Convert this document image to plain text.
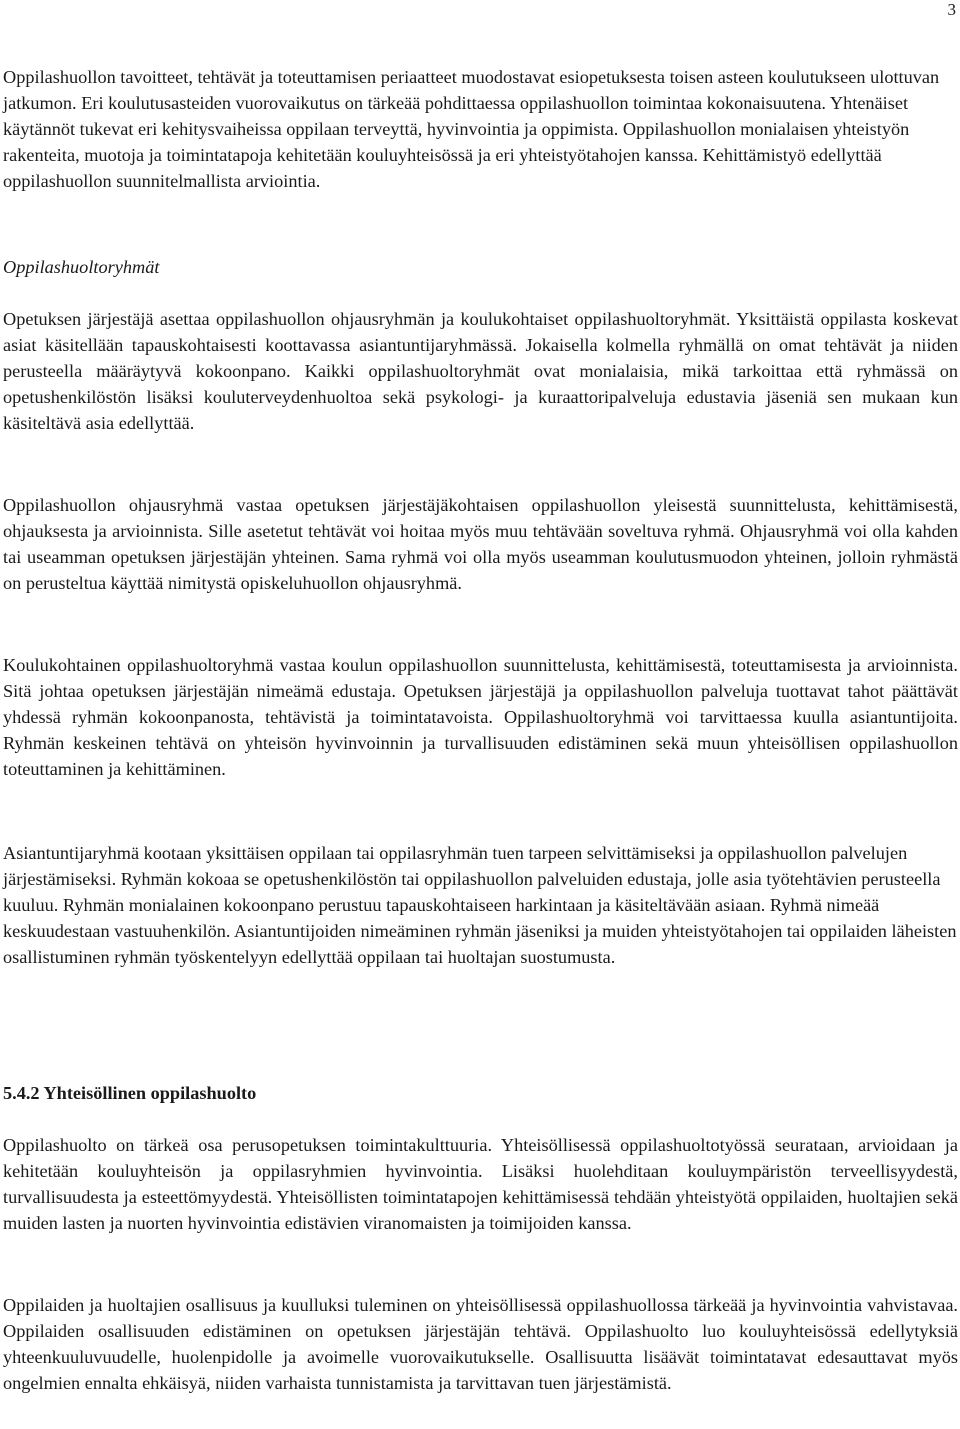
3

Oppilashuollon tavoitteet, tehtävät ja toteuttamisen periaatteet muodostavat esiopetuksesta toisen asteen koulutukseen ulottuvan jatkumon. Eri koulutusasteiden vuorovaikutus on tärkeää pohdittaessa oppilashuollon toimintaa kokonaisuutena. Yhtenäiset käytännöt tukevat eri kehitysvaiheissa oppilaan terveyttä, hyvinvointia ja oppimista. Oppilashuollon monialaisen yhteistyön rakenteita, muotoja ja toimintatapoja kehitetään kouluyhteisössä ja eri yhteistyötahojen kanssa. Kehittämistyö edellyttää oppilashuollon suunnitelmallista arviointia.

Oppilashuoltoryhmät

Opetuksen järjestäjä asettaa oppilashuollon ohjausryhmän ja koulukohtaiset oppilashuoltoryhmät. Yksittäistä oppilasta koskevat asiat käsitellään tapauskohtaisesti koottavassa asiantuntijaryhmässä. Jokaisella kolmella ryhmällä on omat tehtävät ja niiden perusteella määräytyvä kokoonpano. Kaikki oppilashuoltoryhmät ovat monialaisia, mikä tarkoittaa että ryhmässä on opetushenkilöstön lisäksi kouluterveydenhuoltoa sekä psykologi- ja kuraattoripalveluja edustavia jäseniä sen mukaan kun käsiteltävä asia edellyttää.

Oppilashuollon ohjausryhmä vastaa opetuksen järjestäjäkohtaisen oppilashuollon yleisestä suunnittelusta, kehittämisestä, ohjauksesta ja arvioinnista. Sille asetetut tehtävät voi hoitaa myös muu tehtävään soveltuva ryhmä. Ohjausryhmä voi olla kahden tai useamman opetuksen järjestäjän yhteinen. Sama ryhmä voi olla myös useamman koulutusmuodon yhteinen, jolloin ryhmästä on perusteltua käyttää nimitystä opiskeluhuollon ohjausryhmä.

Koulukohtainen oppilashuoltoryhmä vastaa koulun oppilashuollon suunnittelusta, kehittämisestä, toteuttamisesta ja arvioinnista. Sitä johtaa opetuksen järjestäjän nimeämä edustaja. Opetuksen järjestäjä ja oppilashuollon palveluja tuottavat tahot päättävät yhdessä ryhmän kokoonpanosta, tehtävistä ja toimintatavoista. Oppilashuoltoryhmä voi tarvittaessa kuulla asiantuntijoita. Ryhmän keskeinen tehtävä on yhteisön hyvinvoinnin ja turvallisuuden edistäminen sekä muun yhteisöllisen oppilashuollon toteuttaminen ja kehittäminen.

Asiantuntijaryhmä kootaan yksittäisen oppilaan tai oppilasryhmän tuen tarpeen selvittämiseksi ja oppilashuollon palvelujen järjestämiseksi. Ryhmän kokoaa se opetushenkilöstön tai oppilashuollon palveluiden edustaja, jolle asia työtehtävien perusteella kuuluu. Ryhmän monialainen kokoonpano perustuu tapauskohtaiseen harkintaan ja käsiteltävään asiaan. Ryhmä nimeää keskuudestaan vastuuhenkilön. Asiantuntijoiden nimeäminen ryhmän jäseniksi ja muiden yhteistyötahojen tai oppilaiden läheisten osallistuminen ryhmän työskentelyyn edellyttää oppilaan tai huoltajan suostumusta.

5.4.2 Yhteisöllinen oppilashuolto

Oppilashuolto on tärkeä osa perusopetuksen toimintakulttuuria. Yhteisöllisessä oppilashuoltotyössä seurataan, arvioidaan ja kehitetään kouluyhteisön ja oppilasryhmien hyvinvointia. Lisäksi huolehditaan kouluympäristön terveellisyydestä, turvallisuudesta ja esteettömyydestä. Yhteisöllisten toimintatapojen kehittämisessä tehdään yhteistyötä oppilaiden, huoltajien sekä muiden lasten ja nuorten hyvinvointia edistävien viranomaisten ja toimijoiden kanssa.

Oppilaiden ja huoltajien osallisuus ja kuulluksi tuleminen on yhteisöllisessä oppilashuollossa tärkeää ja hyvinvointia vahvistavaa. Oppilaiden osallisuuden edistäminen on opetuksen järjestäjän tehtävä. Oppilashuolto luo kouluyhteisössä edellytyksiä yhteenkuuluvuudelle, huolenpidolle ja avoimelle vuorovaikutukselle. Osallisuutta lisäävät toimintatavat edesauttavat myös ongelmien ennalta ehkäisyä, niiden varhaista tunnistamista ja tarvittavan tuen järjestämistä.
